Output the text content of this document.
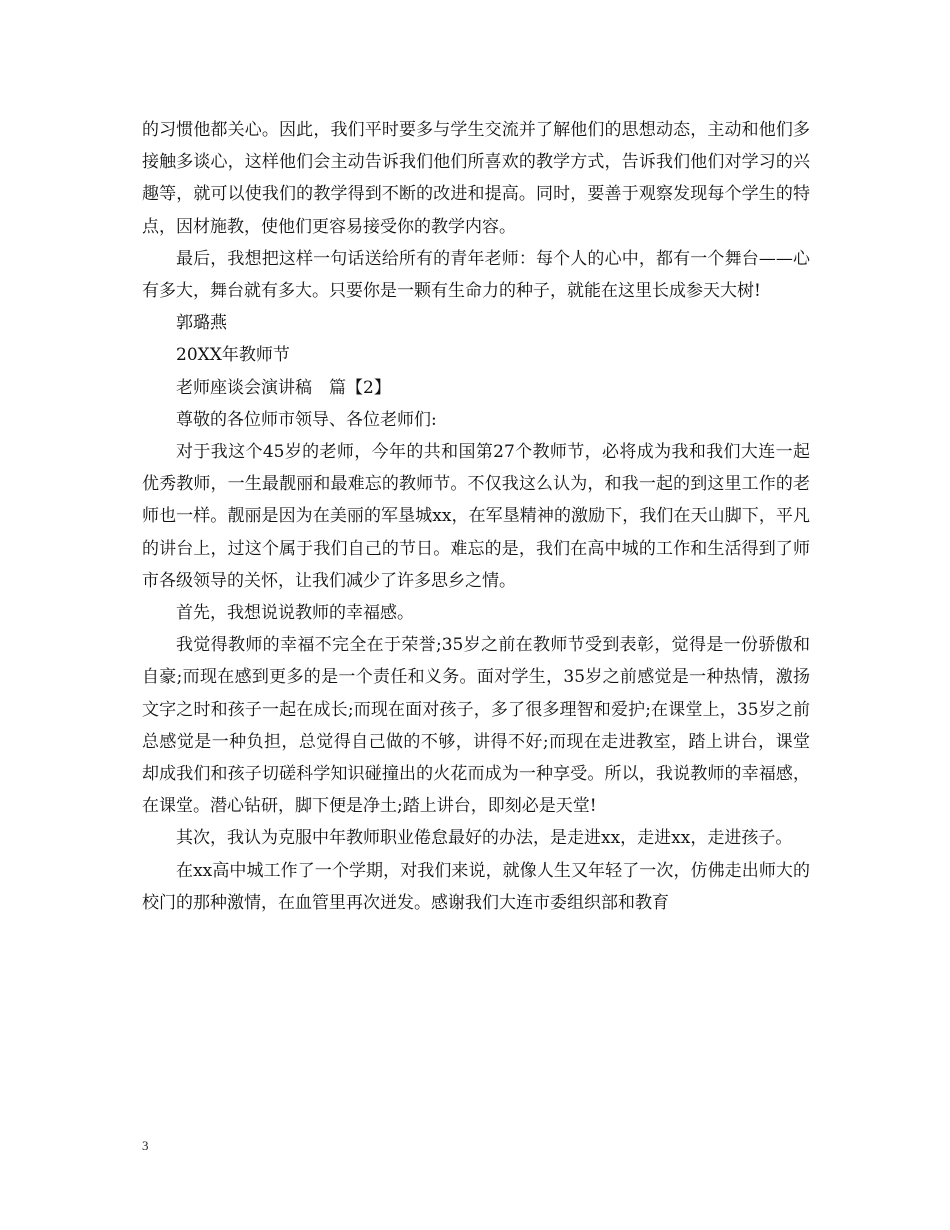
的习惯他都关心。因此，我们平时要多与学生交流并了解他们的思想动态，主动和他们多接触多谈心，这样他们会主动告诉我们他们所喜欢的教学方式，告诉我们他们对学习的兴趣等，就可以使我们的教学得到不断的改进和提高。同时，要善于观察发现每个学生的特点，因材施教，使他们更容易接受你的教学内容。

最后，我想把这样一句话送给所有的青年老师：每个人的心中，都有一个舞台——心有多大，舞台就有多大。只要你是一颗有生命力的种子，就能在这里长成参天大树!

郭璐燕

20XX年教师节

老师座谈会演讲稿　篇【2】

尊敬的各位师市领导、各位老师们:

对于我这个45岁的老师，今年的共和国第27个教师节，必将成为我和我们大连一起优秀教师，一生最靓丽和最难忘的教师节。不仅我这么认为，和我一起的到这里工作的老师也一样。靓丽是因为在美丽的军垦城xx，在军垦精神的激励下，我们在天山脚下，平凡的讲台上，过这个属于我们自己的节日。难忘的是，我们在高中城的工作和生活得到了师市各级领导的关怀，让我们减少了许多思乡之情。

首先，我想说说教师的幸福感。

我觉得教师的幸福不完全在于荣誉;35岁之前在教师节受到表彰，觉得是一份骄傲和自豪;而现在感到更多的是一个责任和义务。面对学生，35岁之前感觉是一种热情，激扬文字之时和孩子一起在成长;而现在面对孩子，多了很多理智和爱护;在课堂上，35岁之前总感觉是一种负担，总觉得自己做的不够，讲得不好;而现在走进教室，踏上讲台，课堂却成我们和孩子切磋科学知识碰撞出的火花而成为一种享受。所以，我说教师的幸福感，在课堂。潜心钻研，脚下便是净土;踏上讲台，即刻必是天堂!

其次，我认为克服中年教师职业倦怠最好的办法，是走进xx，走进xx，走进孩子。

在xx高中城工作了一个学期，对我们来说，就像人生又年轻了一次，仿佛走出师大的校门的那种激情，在血管里再次迸发。感谢我们大连市委组织部和教育

3
